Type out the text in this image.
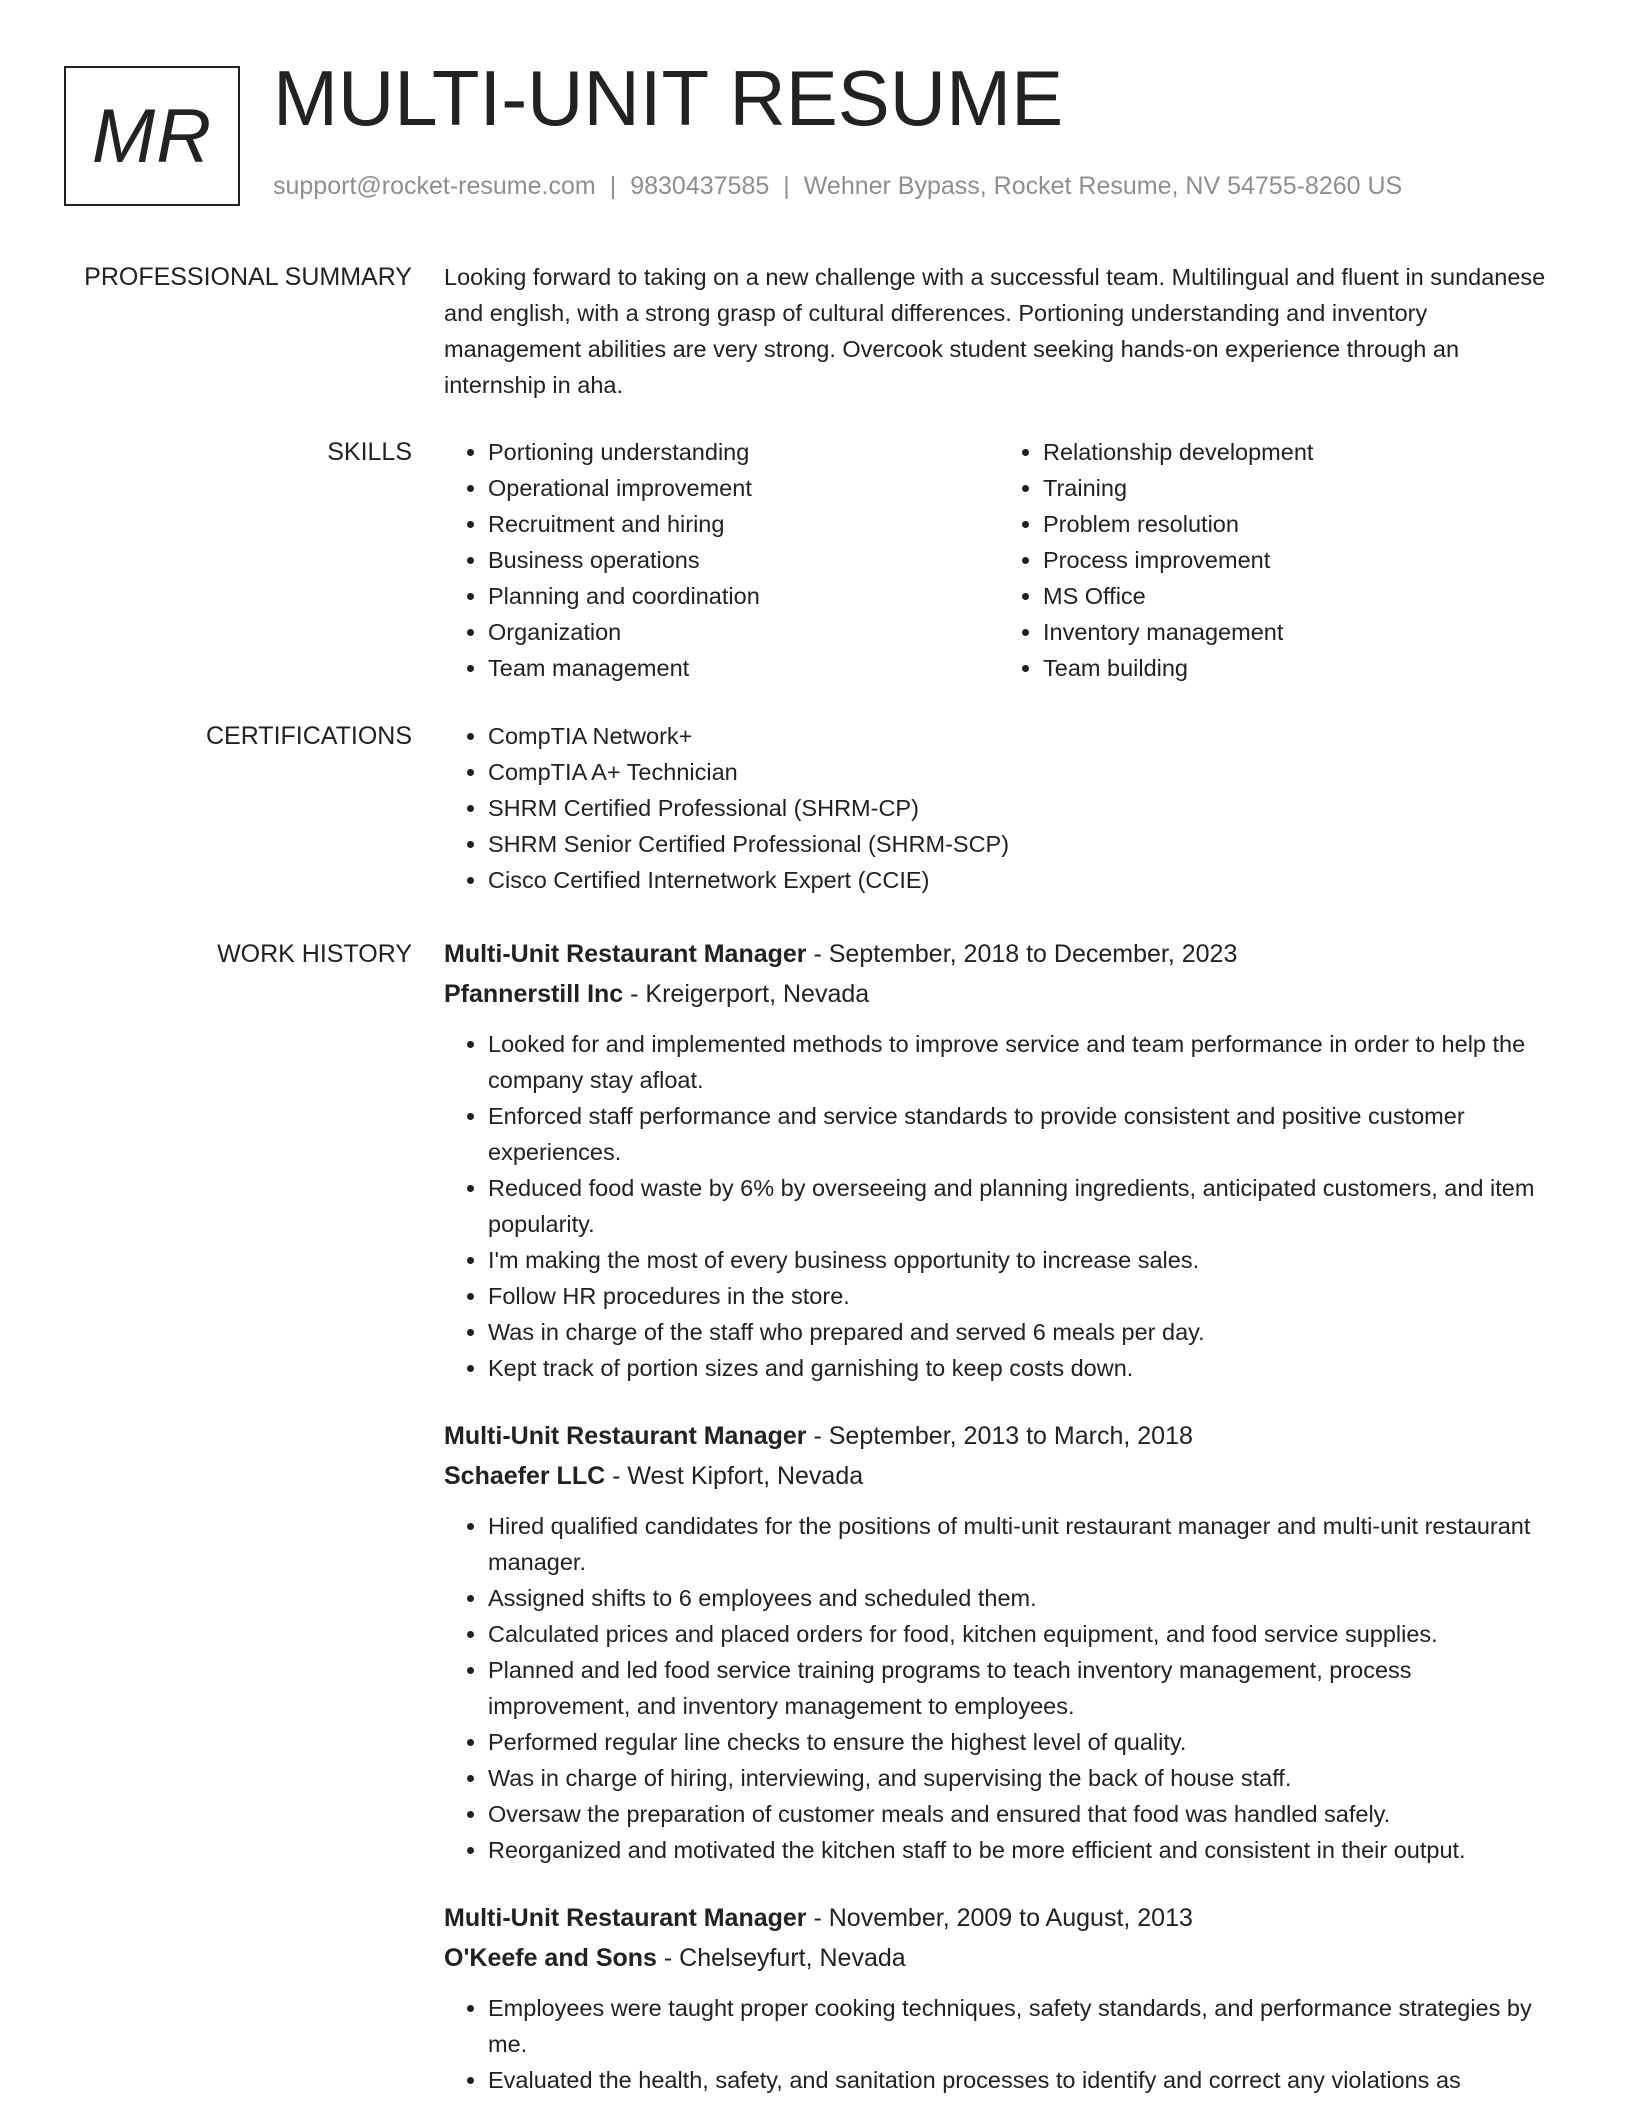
MR MULTI-UNIT RESUME
support@rocket-resume.com | 9830437585 | Wehner Bypass, Rocket Resume, NV 54755-8260 US
PROFESSIONAL SUMMARY Looking forward to taking on a new challenge with a successful team. Multilingual and fluent in sundanese and english, with a strong grasp of cultural differences. Portioning understanding and inventory management abilities are very strong. Overcook student seeking hands-on experience through an internship in aha.

SKILLS	• Portioning understanding
• Operational improvement
• Recruitment and hiring
• Business operations
• Planning and coordination
• Organization
• Team management
• Relationship development
• Training
• Problem resolution
• Process improvement
• MS Office
• Inventory management
• Team building
CERTIFICATIONS	• CompTIA Network+
• CompTIA A+ Technician
• SHRM Certified Professional (SHRM-CP)
• SHRM Senior Certified Professional (SHRM-SCP)
• Cisco Certified Internetwork Expert (CCIE)
WORK HISTORY Multi-Unit Restaurant Manager - September, 2018 to December, 2023
Pfannerstill Inc - Kreigerport, Nevada
• Looked for and implemented methods to improve service and team performance in order to help the company stay afloat.
• Enforced staff performance and service standards to provide consistent and positive customer experiences.
• Reduced food waste by 6% by overseeing and planning ingredients, anticipated customers, and item popularity.
• I'm making the most of every business opportunity to increase sales.
• Follow HR procedures in the store.
• Was in charge of the staff who prepared and served 6 meals per day.
• Kept track of portion sizes and garnishing to keep costs down.
Multi-Unit Restaurant Manager - September, 2013 to March, 2018
Schaefer LLC - West Kipfort, Nevada
• Hired qualified candidates for the positions of multi-unit restaurant manager and multi-unit restaurant manager.
• Assigned shifts to 6 employees and scheduled them.
• Calculated prices and placed orders for food, kitchen equipment, and food service supplies.
• Planned and led food service training programs to teach inventory management, process improvement, and inventory management to employees.
• Performed regular line checks to ensure the highest level of quality.
• Was in charge of hiring, interviewing, and supervising the back of house staff.
• Oversaw the preparation of customer meals and ensured that food was handled safely.
• Reorganized and motivated the kitchen staff to be more efficient and consistent in their output.
Multi-Unit Restaurant Manager - November, 2009 to August, 2013
O'Keefe and Sons - Chelseyfurt, Nevada
• Employees were taught proper cooking techniques, safety standards, and performance strategies by me.
• Evaluated the health, safety, and sanitation processes to identify and correct any violations as
